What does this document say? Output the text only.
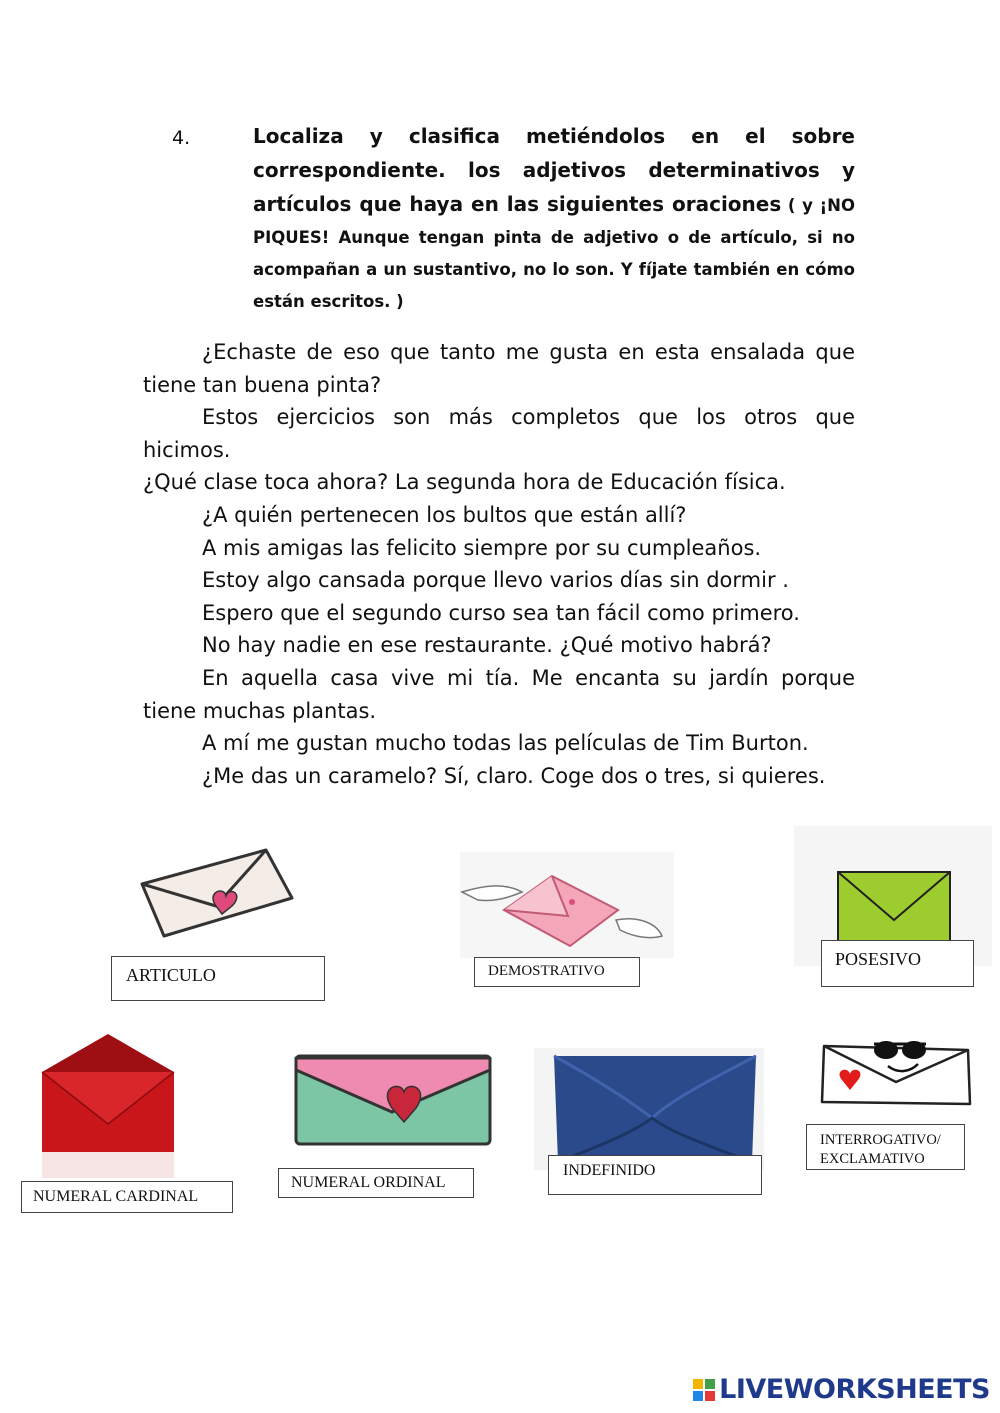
4.	Localiza y clasifica metiéndolos en el sobre correspondiente. los adjetivos determinativos y artículos que haya en las siguientes oraciones ( y ¡NO PIQUES! Aunque tengan pinta de adjetivo o de artículo, si no acompañan a un sustantivo, no lo son. Y fíjate también en cómo están escritos. )

¿Echaste de eso que tanto me gusta en esta ensalada que tiene tan buena pinta?

Estos ejercicios son más completos que los otros que hicimos.

¿Qué clase toca ahora? La segunda hora de Educación física.

¿A quién pertenecen los bultos que están allí?

A mis amigas las felicito siempre por su cumpleaños.

Estoy algo cansada porque llevo varios días sin dormir .

Espero que el segundo curso sea tan fácil como primero.

No hay nadie en ese restaurante. ¿Qué motivo habrá?

En aquella casa vive mi tía. Me encanta su jardín porque tiene muchas plantas.

A mí me gustan mucho todas las películas de Tim Burton.

¿Me das un caramelo? Sí, claro. Coge dos o tres, si quieres.

ARTICULO	DEMOSTRATIVO
POSESIVO
NUMERAL CARDINAL
NUMERAL ORDINAL
INDEFINIDO
INTERROGATIVO/
EXCLAMATIVO
LIVEWORKSHEETS
